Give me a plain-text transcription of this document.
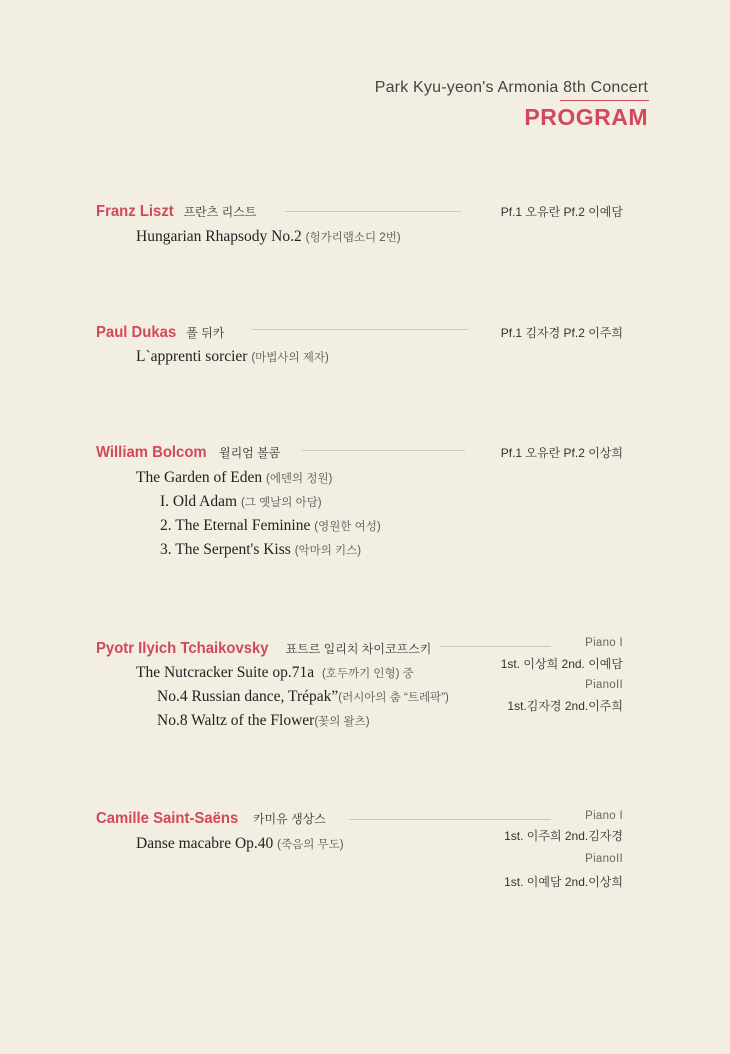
Park Kyu-yeon's Armonia 8th Concert
PROGRAM
Franz Liszt 프란츠 리스트	Pf.1 오유란 Pf.2 이예담
Hungarian Rhapsody No.2 (헝가리랩소디 2번)
Paul Dukas 폴 뒤카	Pf.1 김자경 Pf.2 이주희
L`apprenti sorcier (마법사의 제자)
William Bolcom 윌리엄 볼콤	Pf.1 오유란 Pf.2 이상희
The Garden of Eden (에덴의 정원)
I. Old Adam (그 옛날의 아담)
2. The Eternal Feminine (영원한 여성)
3. The Serpent's Kiss (악마의 키스)
Pyotr Ilyich Tchaikovsky 표트르 일리치 차이코프스키	Piano I
1st. 이상희 2nd. 이예담
PianoII
1st.김자경 2nd.이주희
The Nutcracker Suite op.71a (호두까기 인형) 중
No.4 Russian dance, Trépak”(러시아의 춤 “트레팍”)
No.8 Waltz of the Flower(꽃의 왈츠)
Camille Saint-Saëns 카미유 생상스	Piano I
1st. 이주희 2nd.김자경
PianoII
1st. 이예담 2nd.이상희
Danse macabre Op.40 (죽음의 무도)
